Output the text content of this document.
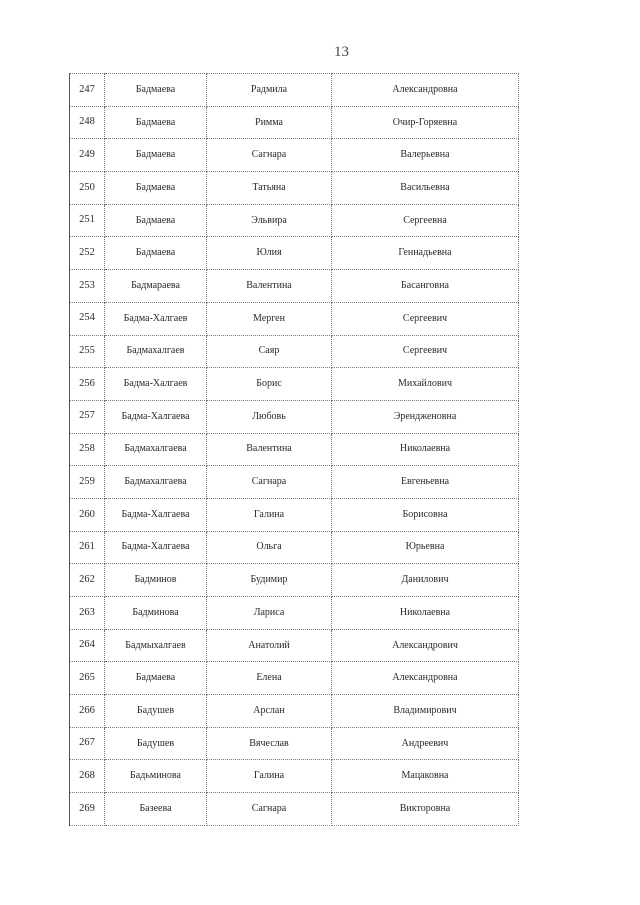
13
247	Бадмаева	Радмила	Александровна
248	Бадмаева	Римма	Очир-Горяевна
249	Бадмаева	Сагнара	Валерьевна
250	Бадмаева	Татьяна	Васильевна
251	Бадмаева	Эльвира	Сергеевна
252	Бадмаева	Юлия	Геннадьевна
253	Бадмараева	Валентина	Басанговна
254	Бадма-Халгаев	Мерген	Сергеевич
255	Бадмахалгаев	Саяр	Сергеевич
256	Бадма-Халгаев	Борис	Михайлович
257	Бадма-Халгаева	Любовь	Эрендженовна
258	Бадмахалгаева	Валентина	Николаевна
259	Бадмахалгаева	Сагнара	Евгеньевна
260	Бадма-Халгаева	Галина	Борисовна
261	Бадма-Халгаева	Ольга	Юрьевна
262	Бадминов	Будимир	Данилович
263	Бадминова	Лариса	Николаевна
264	Бадмыхалгаев	Анатолий	Александрович
265	Бадмаева	Елена	Александровна
266	Бадушев	Арслан	Владимирович
267	Бадушев	Вячеслав	Андреевич
268	Бадьминова	Галина	Мацаковна
269	Базеева	Сагнара	Викторовна
